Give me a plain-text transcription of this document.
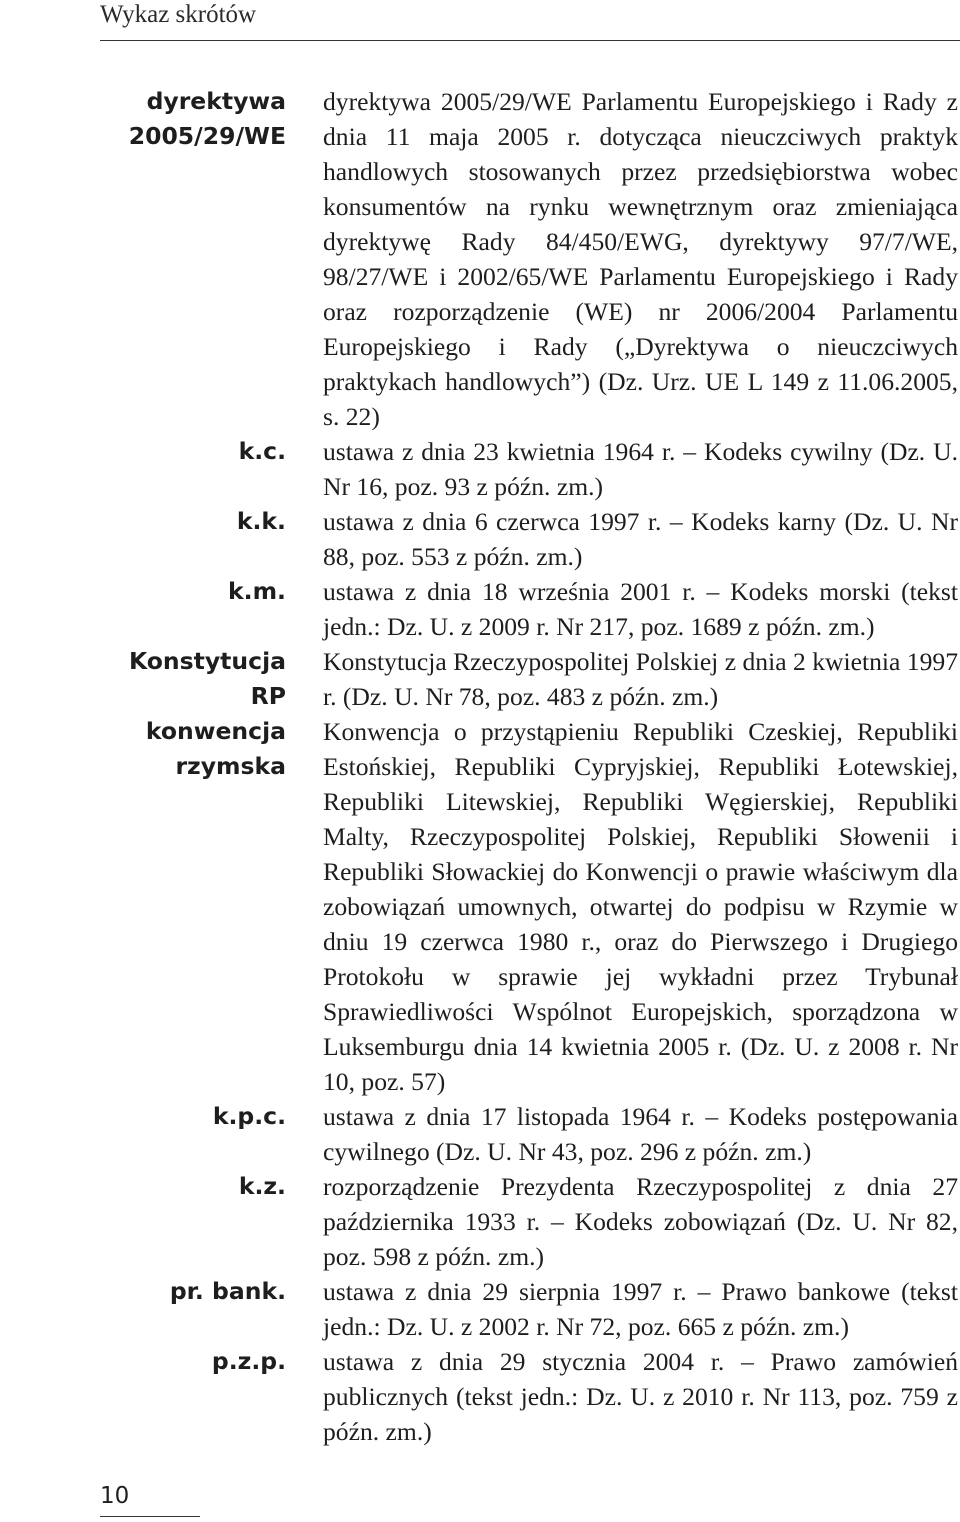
Wykaz skrótów
dyrektywa
2005/29/WE
dyrektywa 2005/29/WE Parlamentu Europejskiego i Rady z dnia 11 maja 2005 r. dotycząca nieuczciwych praktyk handlowych stosowanych przez przedsiębiorstwa wobec konsumentów na rynku wewnętrznym oraz zmieniająca dyrektywę Rady 84/450/EWG, dyrektywy 97/7/WE, 98/27/WE i 2002/65/WE Parlamentu Europejskiego i Rady oraz rozporządzenie (WE) nr 2006/2004 Parlamentu Europejskiego i Rady („Dyrektywa o nieuczciwych praktykach handlowych”) (Dz. Urz. UE L 149 z 11.06.2005, s. 22)
k.c. ustawa z dnia 23 kwietnia 1964 r. – Kodeks cywilny (Dz. U. Nr 16, poz. 93 z późn. zm.)
k.k. ustawa z dnia 6 czerwca 1997 r. – Kodeks karny (Dz. U. Nr 88, poz. 553 z późn. zm.)
k.m. ustawa z dnia 18 września 2001 r. – Kodeks morski (tekst jedn.: Dz. U. z 2009 r. Nr 217, poz. 1689 z późn. zm.)
Konstytucja RP
Konstytucja Rzeczypospolitej Polskiej z dnia 2 kwietnia 1997 r. (Dz. U. Nr 78, poz. 483 z późn. zm.)
konwencja
rzymska
Konwencja o przystąpieniu Republiki Czeskiej, Republiki Estońskiej, Republiki Cypryjskiej, Republiki Łotewskiej, Republiki Litewskiej, Republiki Węgierskiej, Republiki Malty, Rzeczypospolitej Polskiej, Republiki Słowenii i Republiki Słowackiej do Konwencji o prawie właściwym dla zobowiązań umownych, otwartej do podpisu w Rzymie w dniu 19 czerwca 1980 r., oraz do Pierwszego i Drugiego Protokołu w sprawie jej wykładni przez Trybunał Sprawiedliwości Wspólnot Europejskich, sporządzona w Luksemburgu dnia 14 kwietnia 2005 r. (Dz. U. z 2008 r. Nr 10, poz. 57)
k.p.c. ustawa z dnia 17 listopada 1964 r. – Kodeks postępowania cywilnego (Dz. U. Nr 43, poz. 296 z późn. zm.)
k.z. rozporządzenie Prezydenta Rzeczypospolitej z dnia 27 października 1933 r. – Kodeks zobowiązań (Dz. U. Nr 82, poz. 598 z późn. zm.)
pr. bank. ustawa z dnia 29 sierpnia 1997 r. – Prawo bankowe (tekst jedn.: Dz. U. z 2002 r. Nr 72, poz. 665 z późn. zm.)
p.z.p. ustawa z dnia 29 stycznia 2004 r. – Prawo zamówień publicznych (tekst jedn.: Dz. U. z 2010 r. Nr 113, poz. 759 z późn. zm.)
10
